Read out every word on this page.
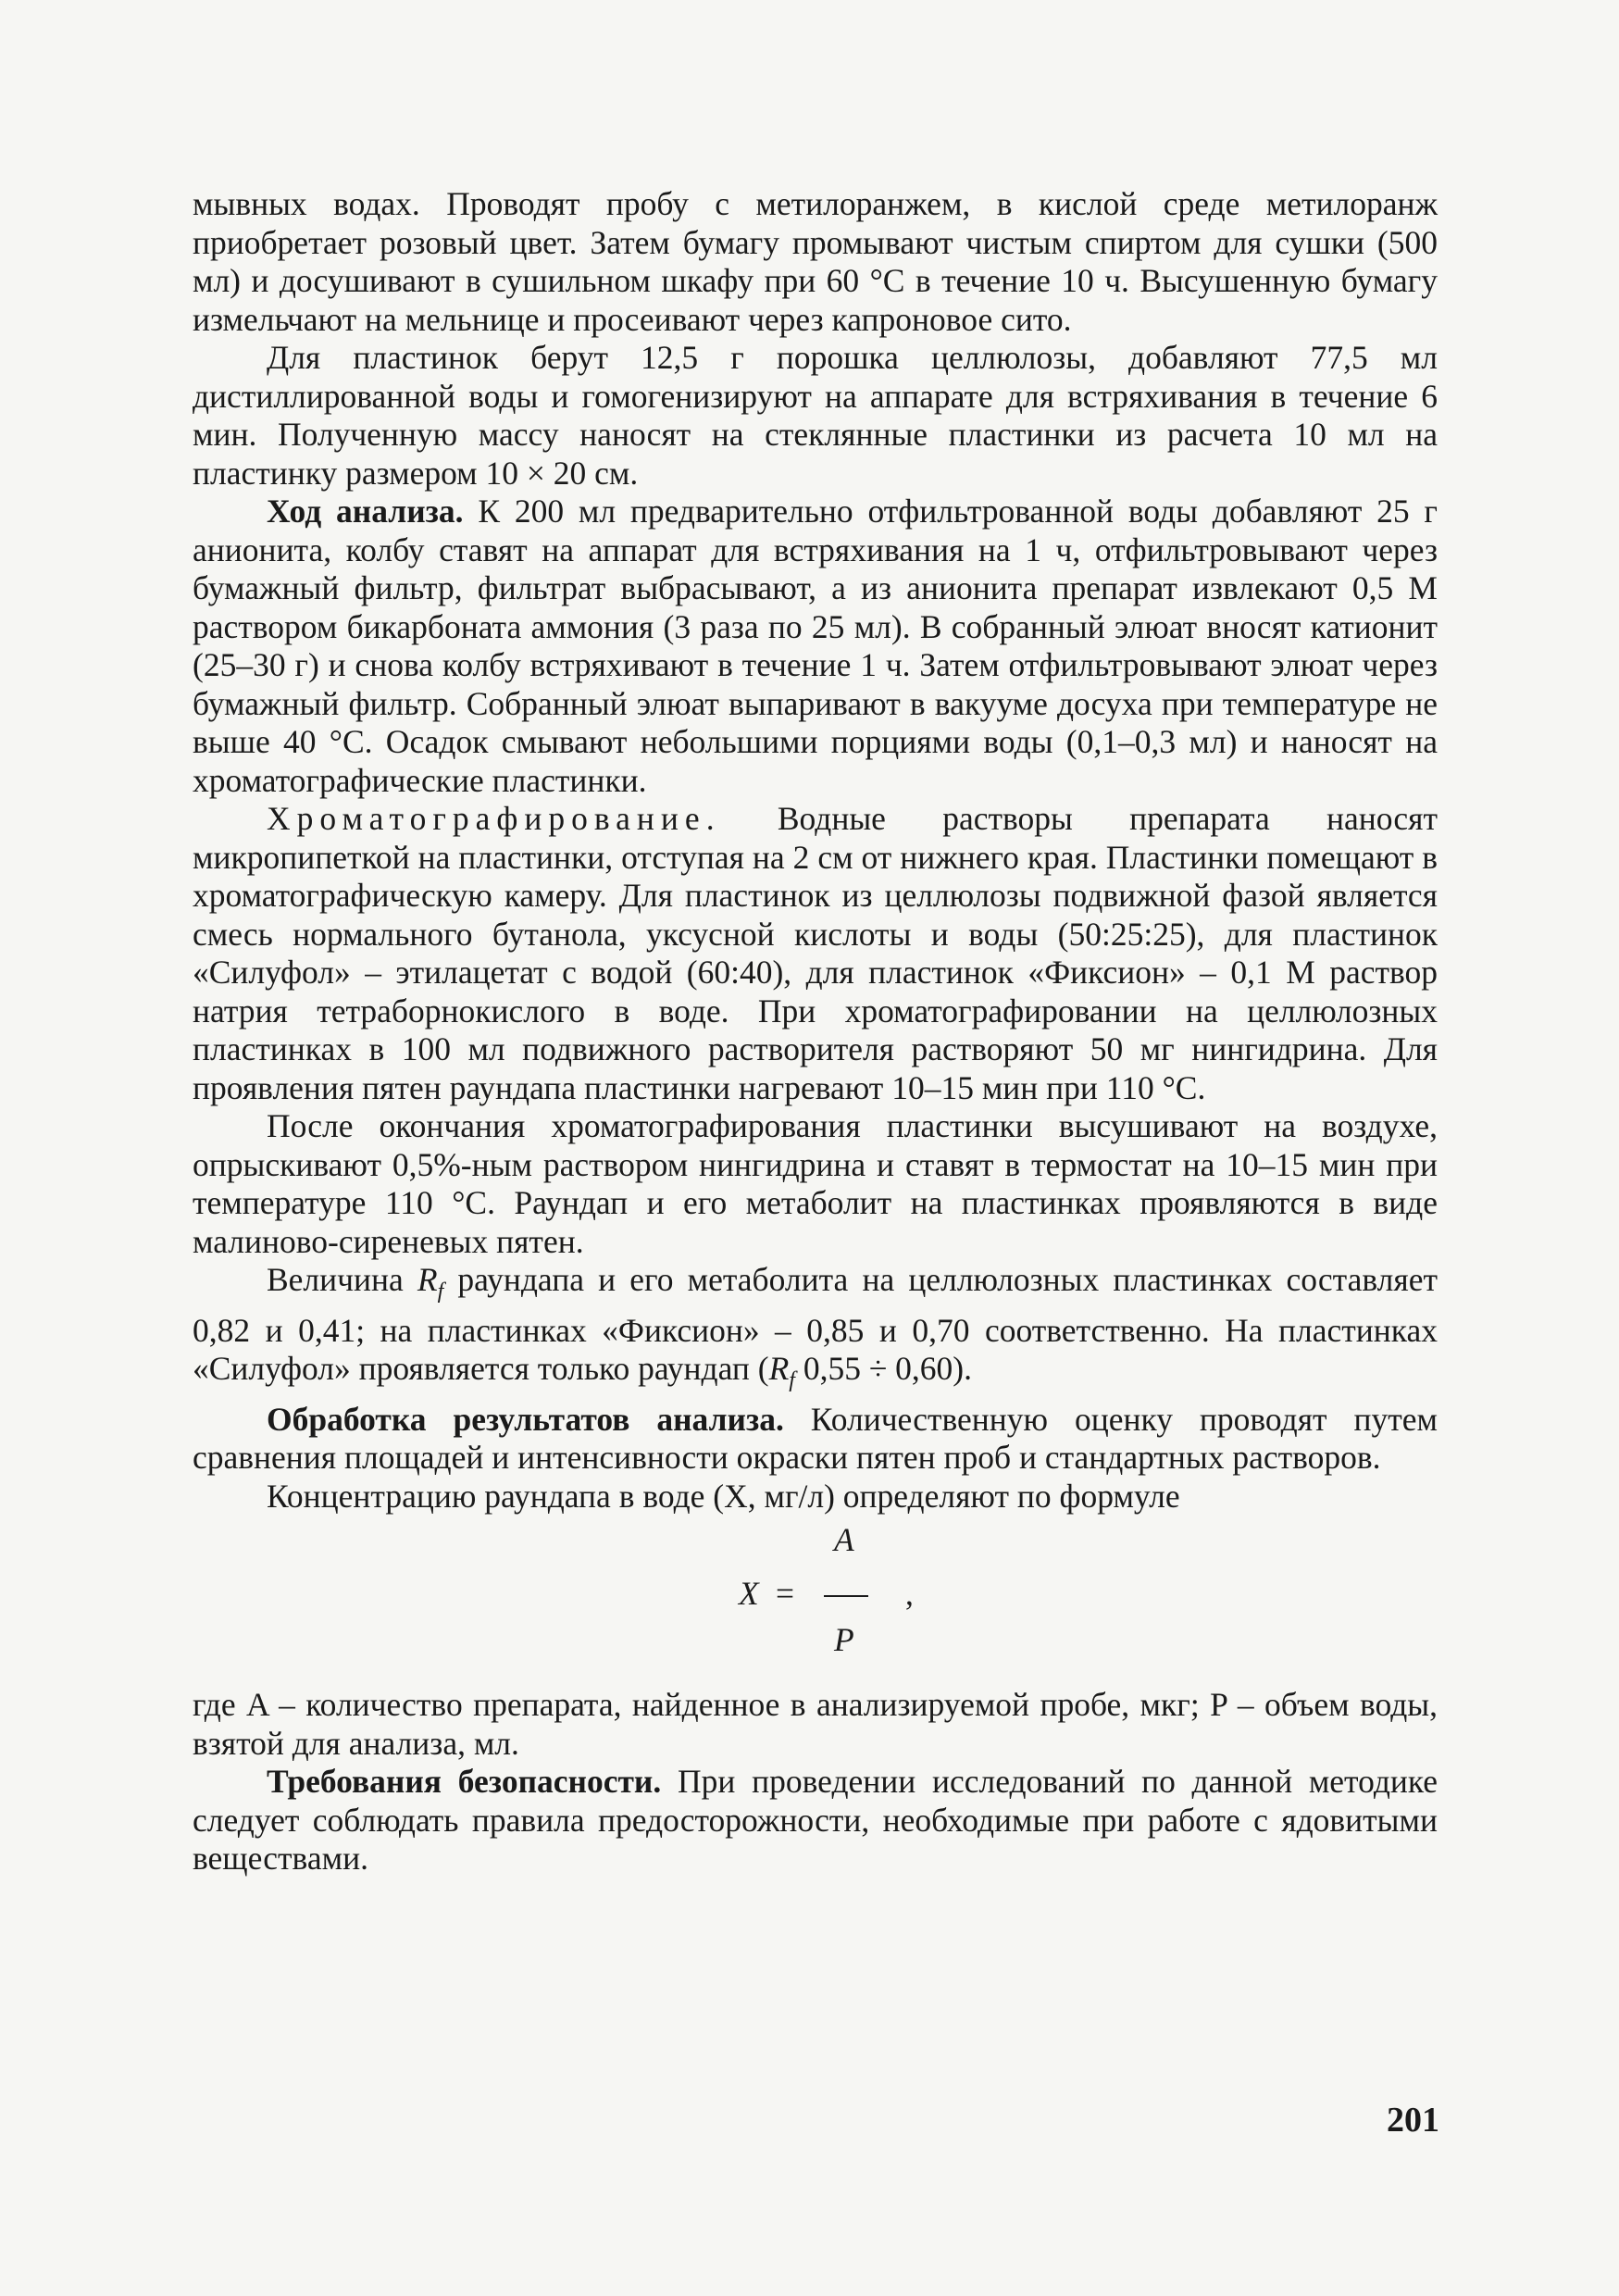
мывных водах. Проводят пробу с метилоранжем, в кислой среде метилоранж приобретает розовый цвет. Затем бумагу промывают чистым спиртом для сушки (500 мл) и досушивают в сушильном шкафу при 60 °С в течение 10 ч. Высушенную бумагу измельчают на мельнице и просеивают через капроновое сито.

Для пластинок берут 12,5 г порошка целлюлозы, добавляют 77,5 мл дистиллированной воды и гомогенизируют на аппарате для встряхивания в течение 6 мин. Полученную массу наносят на стеклянные пластинки из расчета 10 мл на пластинку размером 10 × 20 см.

Ход анализа. К 200 мл предварительно отфильтрованной воды добавляют 25 г анионита, колбу ставят на аппарат для встряхивания на 1 ч, отфильтровывают через бумажный фильтр, фильтрат выбрасывают, а из анионита препарат извлекают 0,5 М раствором бикарбоната аммония (3 раза по 25 мл). В собранный элюат вносят катионит (25–30 г) и снова колбу встряхивают в течение 1 ч. Затем отфильтровывают элюат через бумажный фильтр. Собранный элюат выпаривают в вакууме досуха при температуре не выше 40 °С. Осадок смывают небольшими порциями воды (0,1–0,3 мл) и наносят на хроматографические пластинки.

Хроматографирование. Водные растворы препарата наносят микропипеткой на пластинки, отступая на 2 см от нижнего края. Пластинки помещают в хроматографическую камеру. Для пластинок из целлюлозы подвижной фазой является смесь нормального бутанола, уксусной кислоты и воды (50:25:25), для пластинок «Силуфол» – этилацетат с водой (60:40), для пластинок «Фиксион» – 0,1 М раствор натрия тетраборнокислого в воде. При хроматографировании на целлюлозных пластинках в 100 мл подвижного растворителя растворяют 50 мг нингидрина. Для проявления пятен раундапа пластинки нагревают 10–15 мин при 110 °С.

После окончания хроматографирования пластинки высушивают на воздухе, опрыскивают 0,5%-ным раствором нингидрина и ставят в термостат на 10–15 мин при температуре 110 °С. Раундап и его метаболит на пластинках проявляются в виде малиново-сиреневых пятен.

Величина $R_f$ раундапа и его метаболита на целлюлозных пластинках составляет 0,82 и 0,41; на пластинках «Фиксион» – 0,85 и 0,70 соответственно. На пластинках «Силуфол» проявляется только раундап ($R_f$ 0,55 ÷ 0,60).

Обработка результатов анализа. Количественную оценку проводят путем сравнения площадей и интенсивности окраски пятен проб и стандартных растворов.

Концентрацию раундапа в воде (X, мг/л) определяют по формуле

X =
A
P
,

где A – количество препарата, найденное в анализируемой пробе, мкг; P – объем воды, взятой для анализа, мл.

Требования безопасности. При проведении исследований по данной методике следует соблюдать правила предосторожности, необходимые при работе с ядовитыми веществами.

201
